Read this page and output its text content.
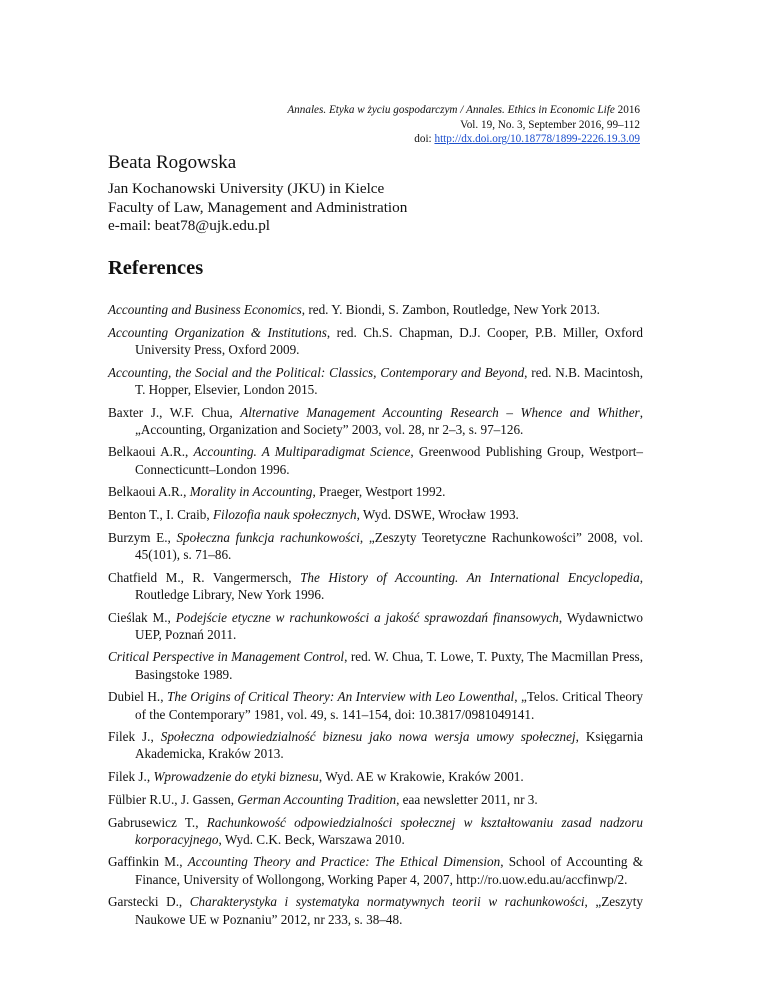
Annales. Etyka w życiu gospodarczym / Annales. Ethics in Economic Life 2016
Vol. 19, No. 3, September 2016, 99–112
doi: http://dx.doi.org/10.18778/1899-2226.19.3.09
Beata Rogowska
Jan Kochanowski University (JKU) in Kielce
Faculty of Law, Management and Administration
e-mail: beat78@ujk.edu.pl
References
Accounting and Business Economics, red. Y. Biondi, S. Zambon, Routledge, New York 2013.
Accounting Organization & Institutions, red. Ch.S. Chapman, D.J. Cooper, P.B. Miller, Oxford University Press, Oxford 2009.
Accounting, the Social and the Political: Classics, Contemporary and Beyond, red. N.B. Macintosh, T. Hopper, Elsevier, London 2015.
Baxter J., W.F. Chua, Alternative Management Accounting Research – Whence and Whither, „Accounting, Organization and Society” 2003, vol. 28, nr 2–3, s. 97–126.
Belkaoui A.R., Accounting. A Multiparadigmat Science, Greenwood Publishing Group, Westport–Connecticuntt–London 1996.
Belkaoui A.R., Morality in Accounting, Praeger, Westport 1992.
Benton T., I. Craib, Filozofia nauk społecznych, Wyd. DSWE, Wrocław 1993.
Burzym E., Społeczna funkcja rachunkowości, „Zeszyty Teoretyczne Rachunkowości” 2008, vol. 45(101), s. 71–86.
Chatfield M., R. Vangermersch, The History of Accounting. An International Encyclopedia, Routledge Library, New York 1996.
Cieślak M., Podejście etyczne w rachunkowości a jakość sprawozdań finansowych, Wydawnictwo UEP, Poznań 2011.
Critical Perspective in Management Control, red. W. Chua, T. Lowe, T. Puxty, The Macmillan Press, Basingstoke 1989.
Dubiel H., The Origins of Critical Theory: An Interview with Leo Lowenthal, „Telos. Critical Theory of the Contemporary” 1981, vol. 49, s. 141–154, doi: 10.3817/0981049141.
Filek J., Społeczna odpowiedzialność biznesu jako nowa wersja umowy społecznej, Księgarnia Akademicka, Kraków 2013.
Filek J., Wprowadzenie do etyki biznesu, Wyd. AE w Krakowie, Kraków 2001.
Fülbier R.U., J. Gassen, German Accounting Tradition, eaa newsletter 2011, nr 3.
Gabrusewicz T., Rachunkowość odpowiedzialności społecznej w kształtowaniu zasad nadzoru korporacyjnego, Wyd. C.K. Beck, Warszawa 2010.
Gaffinkin M., Accounting Theory and Practice: The Ethical Dimension, School of Accounting & Finance, University of Wollongong, Working Paper 4, 2007, http://ro.uow.edu.au/accfinwp/2.
Garstecki D., Charakterystyka i systematyka normatywnych teorii w rachunkowości, „Zeszyty Naukowe UE w Poznaniu” 2012, nr 233, s. 38–48.
